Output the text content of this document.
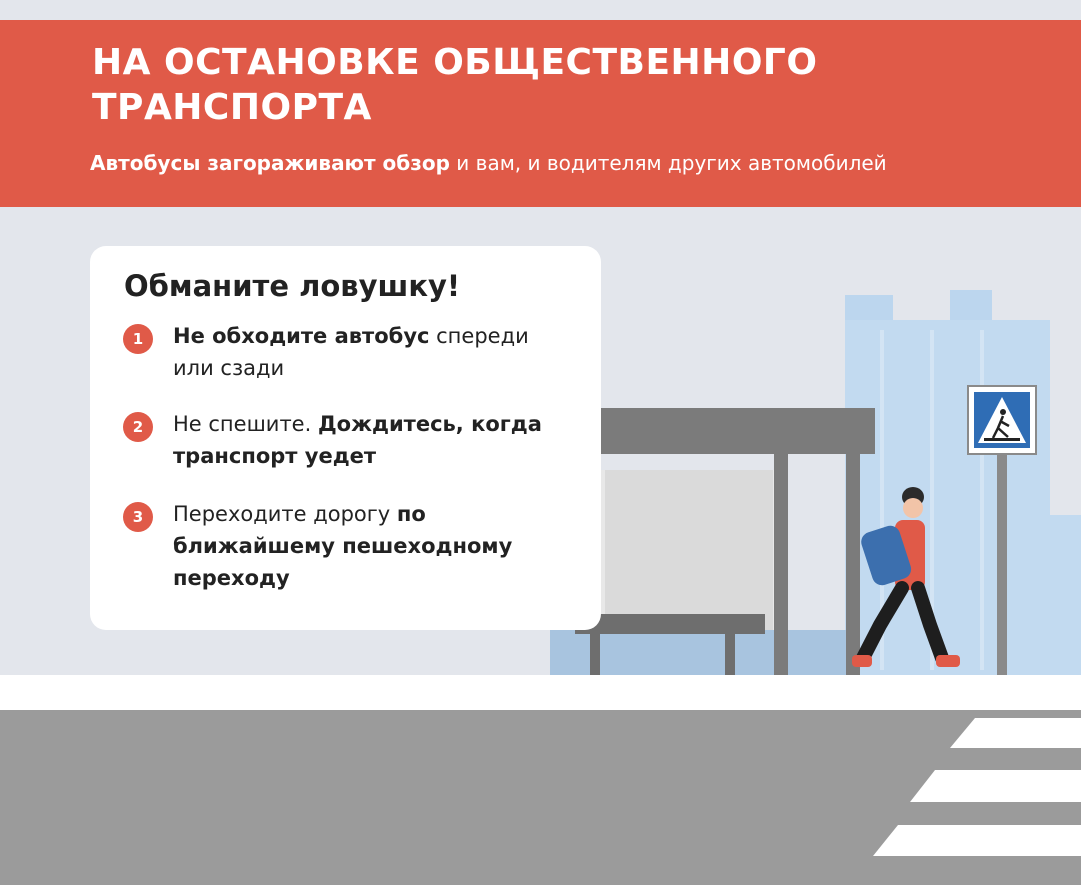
НА ОСТАНОВКЕ ОБЩЕСТВЕННОГО ТРАНСПОРТА
Автобусы загораживают обзор и вам, и водителям других автомобилей
Обманите ловушку!
1	Не обходите автобус спереди или сзади
2	Не спешите. Дождитесь, когда транспорт уедет
3	Переходите дорогу по ближайшему пешеходному переходу
